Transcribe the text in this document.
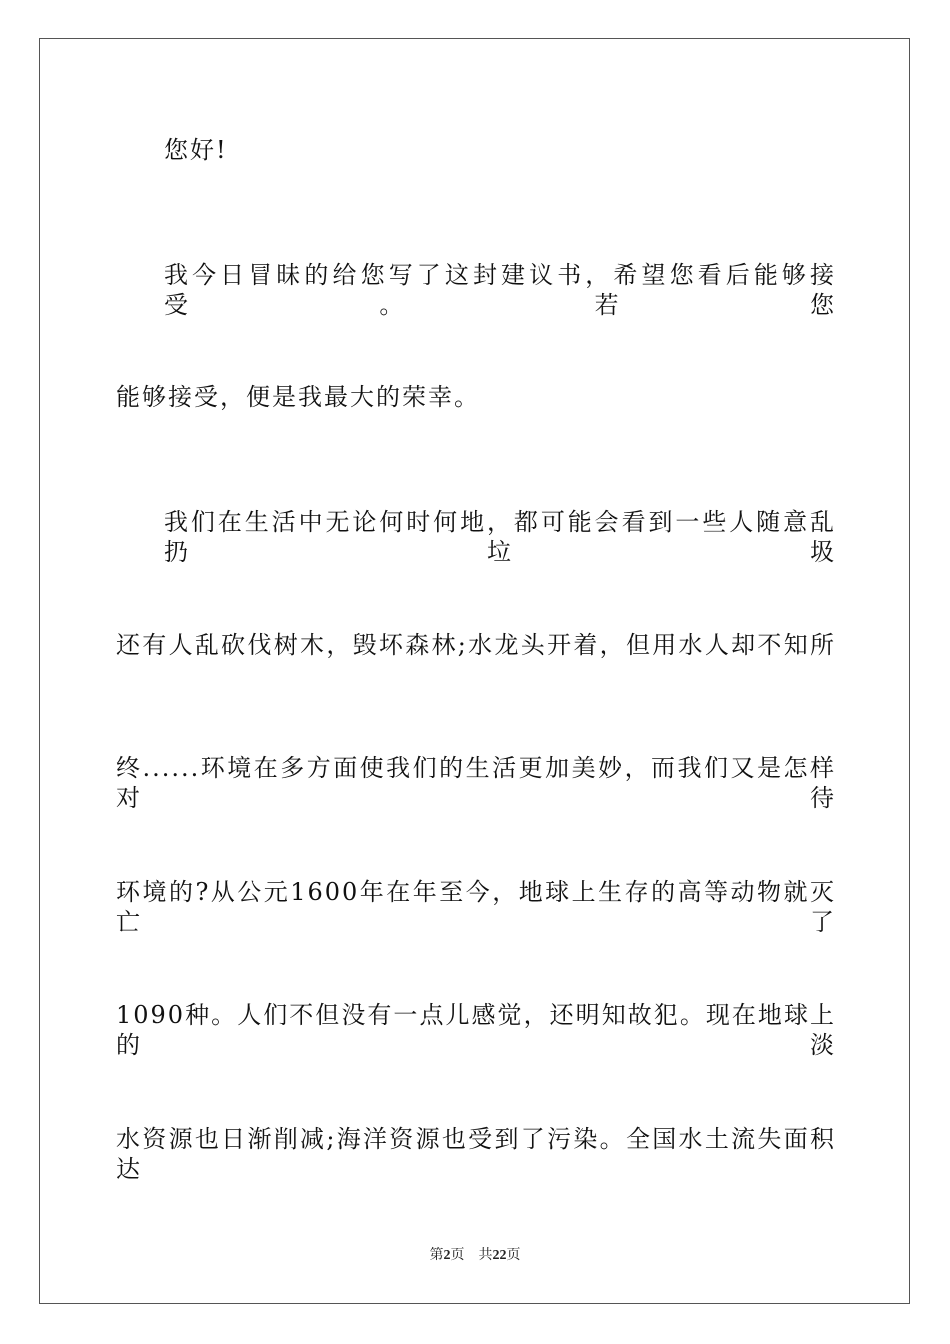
您好!
我今日冒昧的给您写了这封建议书，希望您看后能够接受。若您
能够接受，便是我最大的荣幸。
我们在生活中无论何时何地，都可能会看到一些人随意乱扔垃圾
还有人乱砍伐树木，毁坏森林;水龙头开着，但用水人却不知所
终......环境在多方面使我们的生活更加美妙，而我们又是怎样对待
环境的?从公元1600年在年至今，地球上生存的高等动物就灭亡了
1090种。人们不但没有一点儿感觉，还明知故犯。现在地球上的淡
水资源也日渐削减;海洋资源也受到了污染。全国水土流失面积达
第2页 共22页
